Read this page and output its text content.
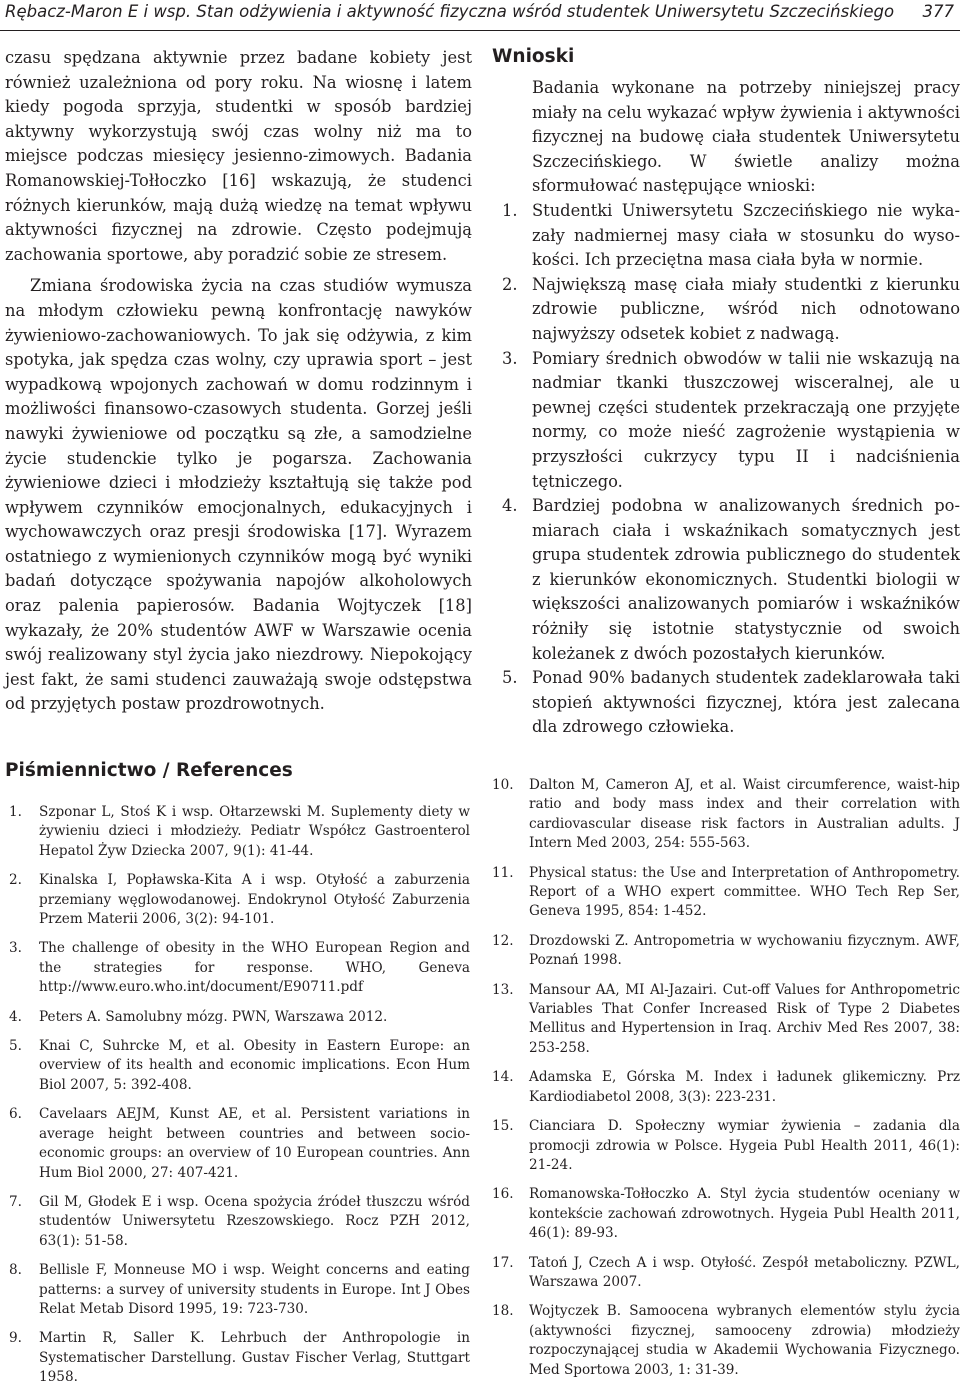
Rębacz-Maron E i wsp. Stan odżywienia i aktywność fizyczna wśród studentek Uniwersytetu Szczecińskiego 377

czasu spędzana aktywnie przez badane kobiety jest również uzależniona od pory roku. Na wiosnę i latem kiedy pogoda sprzyja, studentki w sposób bardziej aktywny wykorzystują swój czas wolny niż ma to miejsce podczas miesięcy jesienno-zimowych. Badania Romanowskiej-Tołłoczko [16] wskazują, że studenci różnych kierunków, mają dużą wiedzę na temat wpływu aktywności fizycznej na zdrowie. Często podejmują zachowania sportowe, aby poradzić sobie ze stresem.

Zmiana środowiska życia na czas studiów wymusza na młodym człowieku pewną konfrontację nawyków żywieniowo-zachowaniowych. To jak się odżywia, z kim spotyka, jak spędza czas wolny, czy uprawia sport – jest wypadkową wpojonych zachowań w domu rodzinnym i możliwości finansowo-czasowych studenta. Gorzej jeśli nawyki żywieniowe od początku są złe, a samodzielne życie studenckie tylko je pogarsza. Zachowania żywieniowe dzieci i młodzieży kształtują się także pod wpływem czynników emocjonalnych, edukacyjnych i wychowawczych oraz presji środowiska [17]. Wyrazem ostatniego z wymienionych czynników mogą być wyniki badań dotyczące spożywania napojów alkoholowych oraz palenia papierosów. Badania Wojtyczek [18] wykazały, że 20% studentów AWF w Warszawie ocenia swój realizowany styl życia jako niezdrowy. Niepokojący jest fakt, że sami studenci zauważają swoje odstępstwa od przyjętych postaw prozdrowotnych.

Wnioski

Badania wykonane na potrzeby niniejszej pracy miały na celu wykazać wpływ żywienia i aktywności fizycznej na budowę ciała studentek Uniwersytetu Szczecińskiego. W świetle analizy można sformułować następujące wnioski:

1. Studentki Uniwersytetu Szczecińskiego nie wykazały nadmiernej masy ciała w stosunku do wysokości. Ich przeciętna masa ciała była w normie.
2. Największą masę ciała miały studentki z kierunku zdrowie publiczne, wśród nich odnotowano najwyższy odsetek kobiet z nadwagą.
3. Pomiary średnich obwodów w talii nie wskazują na nadmiar tkanki tłuszczowej wisceralnej, ale u pewnej części studentek przekraczają one przyjęte normy, co może nieść zagrożenie wystąpienia w przyszłości cukrzycy typu II i nadciśnienia tętniczego.
4. Bardziej podobna w analizowanych średnich pomiarach ciała i wskaźnikach somatycznych jest grupa studentek zdrowia publicznego do studentek z kierunków ekonomicznych. Studentki biologii w większości analizowanych pomiarów i wskaźników różniły się istotnie statystycznie od swoich koleżanek z dwóch pozostałych kierunków.
5. Ponad 90% badanych studentek zadeklarowała taki stopień aktywności fizycznej, która jest zalecana dla zdrowego człowieka.
Piśmiennictwo / References
1. Szponar L, Stoś K i wsp. Ołtarzewski M. Suplementy diety w żywieniu dzieci i młodzieży. Pediatr Współcz Gastroenterol Hepatol Żyw Dziecka 2007, 9(1): 41-44.
2. Kinalska I, Popławska-Kita A i wsp. Otyłość a zaburzenia przemiany węglowodanowej. Endokrynol Otyłość Zaburzenia Przem Materii 2006, 3(2): 94-101.
3. The challenge of obesity in the WHO European Region and the strategies for response. WHO, Geneva http://www.euro.who.int/document/E90711.pdf
4. Peters A. Samolubny mózg. PWN, Warszawa 2012.
5. Knai C, Suhrcke M, et al. Obesity in Eastern Europe: an overview of its health and economic implications. Econ Hum Biol 2007, 5: 392-408.
6. Cavelaars AEJM, Kunst AE, et al. Persistent variations in average height between countries and between socioeconomic groups: an overview of 10 European countries. Ann Hum Biol 2000, 27: 407-421.
7. Gil M, Głodek E i wsp. Ocena spożycia źródeł tłuszczu wśród studentów Uniwersytetu Rzeszowskiego. Rocz PZH 2012, 63(1): 51-58.
8. Bellisle F, Monneuse MO i wsp. Weight concerns and eating patterns: a survey of university students in Europe. Int J Obes Relat Metab Disord 1995, 19: 723-730.
9. Martin R, Saller K. Lehrbuch der Anthropologie in Systematischer Darstellung. Gustav Fischer Verlag, Stuttgart 1958.
10. Dalton M, Cameron AJ, et al. Waist circumference, waist-hip ratio and body mass index and their correlation with cardiovascular disease risk factors in Australian adults. J Intern Med 2003, 254: 555-563.
11. Physical status: the Use and Interpretation of Anthropometry. Report of a WHO expert committee. WHO Tech Rep Ser, Geneva 1995, 854: 1-452.
12. Drozdowski Z. Antropometria w wychowaniu fizycznym. AWF, Poznań 1998.
13. Mansour AA, MI Al-Jazairi. Cut-off Values for Anthropometric Variables That Confer Increased Risk of Type 2 Diabetes Mellitus and Hypertension in Iraq. Archiv Med Res 2007, 38: 253-258.
14. Adamska E, Górska M. Index i ładunek glikemiczny. Prz Kardiodiabetol 2008, 3(3): 223-231.
15. Cianciara D. Społeczny wymiar żywienia – zadania dla promocji zdrowia w Polsce. Hygeia Publ Health 2011, 46(1): 21-24.
16. Romanowska-Tołłoczko A. Styl życia studentów oceniany w kontekście zachowań zdrowotnych. Hygeia Publ Health 2011, 46(1): 89-93.
17. Tatoń J, Czech A i wsp. Otyłość. Zespół metaboliczny. PZWL, Warszawa 2007.
18. Wojtyczek B. Samoocena wybranych elementów stylu życia (aktywności fizycznej, samooceny zdrowia) młodzieży rozpoczynającej studia w Akademii Wychowania Fizycznego. Med Sportowa 2003, 1: 31-39.
